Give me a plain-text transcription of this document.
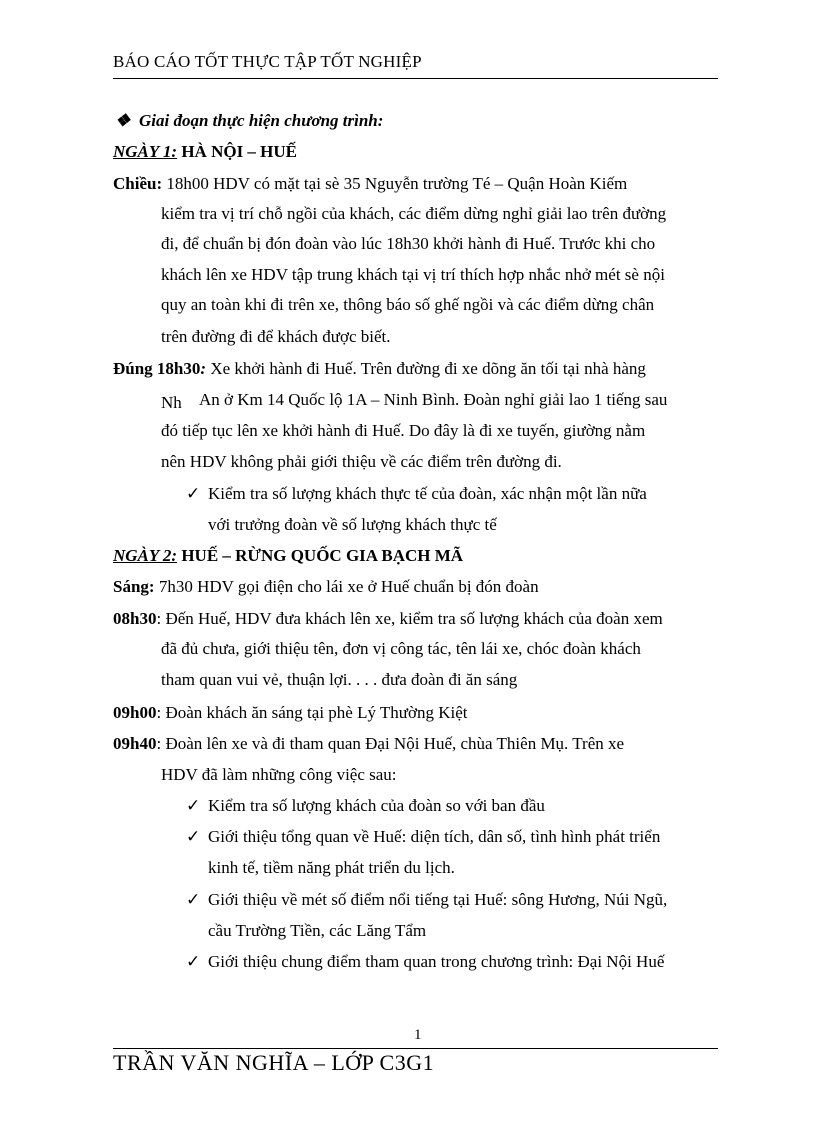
BÁO CÁO TỐT THỰC TẬP TỐT NGHIỆP
❖ Giai đoạn thực hiện chương trình:
NGÀY 1: HÀ NỘI – HUẾ
Chiều: 18h00 HDV có mặt tại sè 35 Nguyễn trường Té – Quận Hoàn Kiếm
kiểm tra vị trí chỗ ngồi của khách, các điểm dừng nghỉ giải lao trên đường
đi, để chuẩn bị đón đoàn vào lúc 18h30 khởi hành đi Huế. Trước khi cho
khách lên xe HDV tập trung khách tại vị trí thích hợp nhắc nhở mét sè nội
quy an toàn khi đi trên xe, thông báo số ghế ngồi và các điểm dừng chân
trên đường đi để khách được biết.
Đúng 18h30: Xe khởi hành đi Huế. Trên đường đi xe dõng ăn tối tại nhà hàng
Nh An ở Km 14 Quốc lộ 1A – Ninh Bình. Đoàn nghỉ giải lao 1 tiếng sau
đó tiếp tục lên xe khởi hành đi Huế. Do đây là đi xe tuyến, giường nằm
nên HDV không phải giới thiệu về các điểm trên đường đi.
✓ Kiểm tra số lượng khách thực tế của đoàn, xác nhận một lần nữa
với trưởng đoàn về số lượng khách thực tế
NGÀY 2: HUẾ – RỪNG QUỐC GIA BẠCH MÃ
Sáng: 7h30 HDV gọi điện cho lái xe ở Huế chuẩn bị đón đoàn
08h30: Đến Huế, HDV đưa khách lên xe, kiểm tra số lượng khách của đoàn xem
đã đủ chưa, giới thiệu tên, đơn vị công tác, tên lái xe, chóc đoàn khách
tham quan vui vẻ, thuận lợi. . . . đưa đoàn đi ăn sáng
09h00: Đoàn khách ăn sáng tại phè Lý Thường Kiệt
09h40: Đoàn lên xe và đi tham quan Đại Nội Huế, chùa Thiên Mụ. Trên xe
HDV đã làm những công việc sau:
✓ Kiểm tra số lượng khách của đoàn so với ban đầu
✓ Giới thiệu tổng quan về Huế: diện tích, dân số, tình hình phát triển
kinh tế, tiềm năng phát triển du lịch.
✓ Giới thiệu về mét số điểm nổi tiếng tại Huế: sông Hương, Núi Ngũ,
cầu Trường Tiền, các Lăng Tẩm
✓ Giới thiệu chung điểm tham quan trong chương trình: Đại Nội Huế
1
TRẦN VĂN NGHĨA – LỚP C3G1
